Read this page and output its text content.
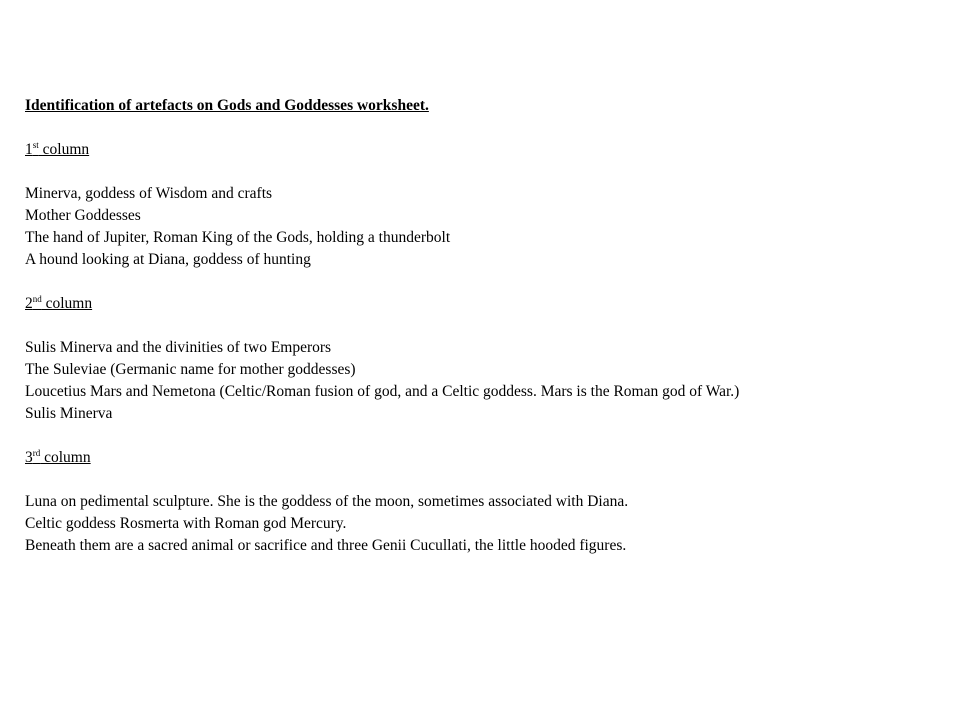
Identification of artefacts on Gods and Goddesses worksheet.
1st column
Minerva, goddess of Wisdom and crafts
Mother Goddesses
The hand of Jupiter, Roman King of the Gods, holding a thunderbolt
A hound looking at Diana, goddess of hunting
2nd column
Sulis Minerva and the divinities of two Emperors
The Suleviae (Germanic name for mother goddesses)
Loucetius Mars and Nemetona (Celtic/Roman fusion of god, and a Celtic goddess. Mars is the Roman god of War.)
Sulis Minerva
3rd column
Luna on pedimental sculpture. She is the goddess of the moon, sometimes associated with Diana.
Celtic goddess Rosmerta with Roman god Mercury.
Beneath them are a sacred animal or sacrifice and three Genii Cucullati, the little hooded figures.
